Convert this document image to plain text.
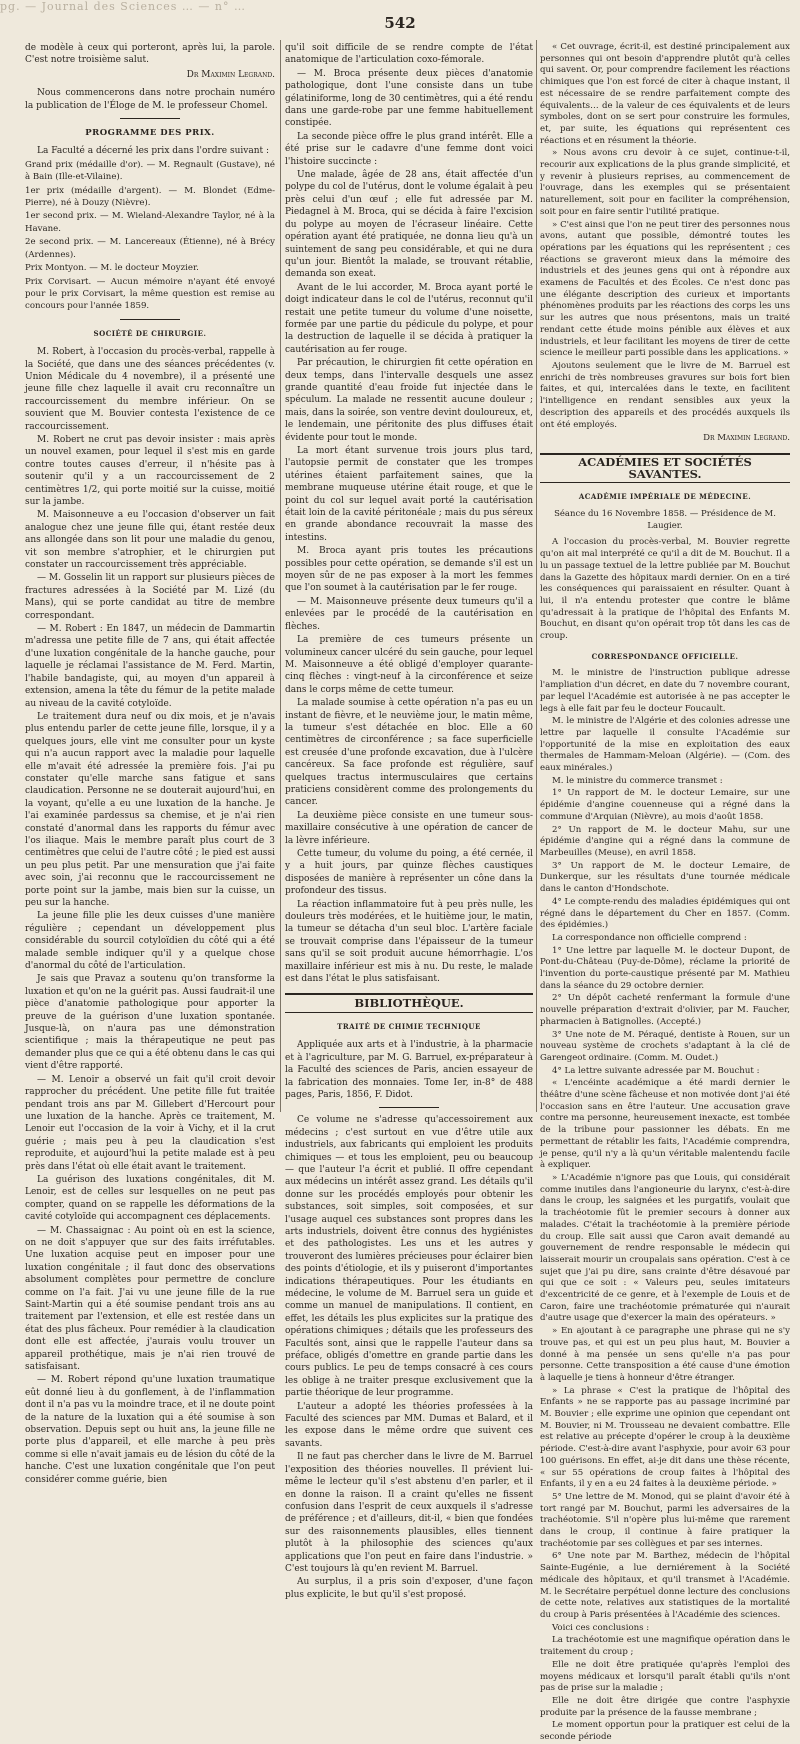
pg. — Journal des Sciences … — n° …
542

de modèle à ceux qui porteront, après lui, la parole. C'est notre troisième salut.

Dr Maximin Legrand.

Nous commencerons dans notre prochain numéro la publication de l'Éloge de M. le professeur Chomel.

PROGRAMME DES PRIX.

La Faculté a décerné les prix dans l'ordre suivant :

Grand prix (médaille d'or). — M. Regnault (Gustave), né à Bain (Ille-et-Vilaine).

1er prix (médaille d'argent). — M. Blondet (Edme-Pierre), né à Douzy (Nièvre).

1er second prix. — M. Wieland-Alexandre Taylor, né à la Havane.

2e second prix. — M. Lancereaux (Étienne), né à Brécy (Ardennes).

Prix Montyon. — M. le docteur Moyzier.

Prix Corvisart. — Aucun mémoire n'ayant été envoyé pour le prix Corvisart, la même question est remise au concours pour l'année 1859.

SOCIÉTÉ DE CHIRURGIE.

M. Robert, à l'occasion du procès-verbal, rappelle à la Société, que dans une des séances précédentes (v. Union Médicale du 4 novembre), il a présenté une jeune fille chez laquelle il avait cru reconnaître un raccourcissement du membre inférieur. On se souvient que M. Bouvier contesta l'existence de ce raccourcissement.

M. Robert ne crut pas devoir insister : mais après un nouvel examen, pour lequel il s'est mis en garde contre toutes causes d'erreur, il n'hésite pas à soutenir qu'il y a un raccourcissement de 2 centimètres 1/2, qui porte moitié sur la cuisse, moitié sur la jambe.

M. Maisonneuve a eu l'occasion d'observer un fait analogue chez une jeune fille qui, étant restée deux ans allongée dans son lit pour une maladie du genou, vit son membre s'atrophier, et le chirurgien put constater un raccourcissement très appréciable.

— M. Gosselin lit un rapport sur plusieurs pièces de fractures adressées à la Société par M. Lizé (du Mans), qui se porte candidat au titre de membre correspondant.

— M. Robert : En 1847, un médecin de Dammartin m'adressa une petite fille de 7 ans, qui était affectée d'une luxation congénitale de la hanche gauche, pour laquelle je réclamai l'assistance de M. Ferd. Martin, l'habile bandagiste, qui, au moyen d'un appareil à extension, amena la tête du fémur de la petite malade au niveau de la cavité cotyloïde.

Le traitement dura neuf ou dix mois, et je n'avais plus entendu parler de cette jeune fille, lorsque, il y a quelques jours, elle vint me consulter pour un kyste qui n'a aucun rapport avec la maladie pour laquelle elle m'avait été adressée la première fois. J'ai pu constater qu'elle marche sans fatigue et sans claudication. Personne ne se douterait aujourd'hui, en la voyant, qu'elle a eu une luxation de la hanche. Je l'ai examinée pardessus sa chemise, et je n'ai rien constaté d'anormal dans les rapports du fémur avec l'os iliaque. Mais le membre paraît plus court de 3 centimètres que celui de l'autre côté ; le pied est aussi un peu plus petit. Par une mensuration que j'ai faite avec soin, j'ai reconnu que le raccourcissement ne porte point sur la jambe, mais bien sur la cuisse, un peu sur la hanche.

La jeune fille plie les deux cuisses d'une manière régulière ; cependant un développement plus considérable du sourcil cotyloïdien du côté qui a été malade semble indiquer qu'il y a quelque chose d'anormal du côté de l'articulation.

Je sais que Pravaz a soutenu qu'on transforme la luxation et qu'on ne la guérit pas. Aussi faudrait-il une pièce d'anatomie pathologique pour apporter la preuve de la guérison d'une luxation spontanée. Jusque-là, on n'aura pas une démonstration scientifique ; mais la thérapeutique ne peut pas demander plus que ce qui a été obtenu dans le cas qui vient d'être rapporté.

— M. Lenoir a observé un fait qu'il croit devoir rapprocher du précédent. Une petite fille fut traitée pendant trois ans par M. Gillebert d'Hercourt pour une luxation de la hanche. Après ce traitement, M. Lenoir eut l'occasion de la voir à Vichy, et il la crut guérie ; mais peu à peu la claudication s'est reproduite, et aujourd'hui la petite malade est à peu près dans l'état où elle était avant le traitement.

La guérison des luxations congénitales, dit M. Lenoir, est de celles sur lesquelles on ne peut pas compter, quand on se rappelle les déformations de la cavité cotyloïde qui accompagnent ces déplacements.

— M. Chassaignac : Au point où en est la science, on ne doit s'appuyer que sur des faits irréfutables. Une luxation acquise peut en imposer pour une luxation congénitale ; il faut donc des observations absolument complètes pour permettre de conclure comme on l'a fait. J'ai vu une jeune fille de la rue Saint-Martin qui a été soumise pendant trois ans au traitement par l'extension, et elle est restée dans un état des plus fâcheux. Pour remédier à la claudication dont elle est affectée, j'aurais voulu trouver un appareil prothétique, mais je n'ai rien trouvé de satisfaisant.

— M. Robert répond qu'une luxation traumatique eût donné lieu à du gonflement, à de l'inflammation dont il n'a pas vu la moindre trace, et il ne doute point de la nature de la luxation qui a été soumise à son observation. Depuis sept ou huit ans, la jeune fille ne porte plus d'appareil, et elle marche à peu près comme si elle n'avait jamais eu de lésion du côté de la hanche. C'est une luxation congénitale que l'on peut considérer comme guérie, bien

qu'il soit difficile de se rendre compte de l'état anatomique de l'articulation coxo-fémorale.

— M. Broca présente deux pièces d'anatomie pathologique, dont l'une consiste dans un tube gélatiniforme, long de 30 centimètres, qui a été rendu dans une garde-robe par une femme habituellement constipée.

La seconde pièce offre le plus grand intérêt. Elle a été prise sur le cadavre d'une femme dont voici l'histoire succincte :

Une malade, âgée de 28 ans, était affectée d'un polype du col de l'utérus, dont le volume égalait à peu près celui d'un œuf ; elle fut adressée par M. Piedagnel à M. Broca, qui se décida à faire l'excision du polype au moyen de l'écraseur linéaire. Cette opération ayant été pratiquée, ne donna lieu qu'à un suintement de sang peu considérable, et qui ne dura qu'un jour. Bientôt la malade, se trouvant rétablie, demanda son exeat.

Avant de le lui accorder, M. Broca ayant porté le doigt indicateur dans le col de l'utérus, reconnut qu'il restait une petite tumeur du volume d'une noisette, formée par une partie du pédicule du polype, et pour la destruction de laquelle il se décida à pratiquer la cautérisation au fer rouge.

Par précaution, le chirurgien fit cette opération en deux temps, dans l'intervalle desquels une assez grande quantité d'eau froide fut injectée dans le spéculum. La malade ne ressentit aucune douleur ; mais, dans la soirée, son ventre devint douloureux, et, le lendemain, une péritonite des plus diffuses était évidente pour tout le monde.

La mort étant survenue trois jours plus tard, l'autopsie permit de constater que les trompes utérines étaient parfaitement saines, que la membrane muqueuse utérine était rouge, et que le point du col sur lequel avait porté la cautérisation était loin de la cavité péritonéale ; mais du pus séreux en grande abondance recouvrait la masse des intestins.

M. Broca ayant pris toutes les précautions possibles pour cette opération, se demande s'il est un moyen sûr de ne pas exposer à la mort les femmes que l'on soumet à la cautérisation par le fer rouge.

— M. Maisonneuve présente deux tumeurs qu'il a enlevées par le procédé de la cautérisation en flèches.

La première de ces tumeurs présente un volumineux cancer ulcéré du sein gauche, pour lequel M. Maisonneuve a été obligé d'employer quarante-cinq flèches : vingt-neuf à la circonférence et seize dans le corps même de cette tumeur.

La malade soumise à cette opération n'a pas eu un instant de fièvre, et le neuvième jour, le matin même, la tumeur s'est détachée en bloc. Elle a 60 centimètres de circonférence ; sa face superficielle est creusée d'une profonde excavation, due à l'ulcère cancéreux. Sa face profonde est régulière, sauf quelques tractus intermusculaires que certains praticiens considèrent comme des prolongements du cancer.

La deuxième pièce consiste en une tumeur sous-maxillaire consécutive à une opération de cancer de la lèvre inférieure.

Cette tumeur, du volume du poing, a été cernée, il y a huit jours, par quinze flèches caustiques disposées de manière à représenter un cône dans la profondeur des tissus.

La réaction inflammatoire fut à peu près nulle, les douleurs très modérées, et le huitième jour, le matin, la tumeur se détacha d'un seul bloc. L'artère faciale se trouvait comprise dans l'épaisseur de la tumeur sans qu'il se soit produit aucune hémorrhagie. L'os maxillaire inférieur est mis à nu. Du reste, le malade est dans l'état le plus satisfaisant.

BIBLIOTHÈQUE.
TRAITÉ DE CHIMIE TECHNIQUE

Appliquée aux arts et à l'industrie, à la pharmacie et à l'agriculture, par M. G. Barruel, ex-préparateur à la Faculté des sciences de Paris, ancien essayeur de la fabrication des monnaies. Tome Ier, in-8° de 488 pages, Paris, 1856, F. Didot.

Ce volume ne s'adresse qu'accessoirement aux médecins ; c'est surtout en vue d'être utile aux industriels, aux fabricants qui emploient les produits chimiques — et tous les emploient, peu ou beaucoup — que l'auteur l'a écrit et publié. Il offre cependant aux médecins un intérêt assez grand. Les détails qu'il donne sur les procédés employés pour obtenir les substances, soit simples, soit composées, et sur l'usage auquel ces substances sont propres dans les arts industriels, doivent être connus des hygiénistes et des pathologistes. Les uns et les autres y trouveront des lumières précieuses pour éclairer bien des points d'étiologie, et ils y puiseront d'importantes indications thérapeutiques. Pour les étudiants en médecine, le volume de M. Barruel sera un guide et comme un manuel de manipulations. Il contient, en effet, les détails les plus explicites sur la pratique des opérations chimiques ; détails que les professeurs des Facultés sont, ainsi que le rappelle l'auteur dans sa préface, obligés d'omettre en grande partie dans les cours publics. Le peu de temps consacré à ces cours les oblige à ne traiter presque exclusivement que la partie théorique de leur programme.

L'auteur a adopté les théories professées à la Faculté des sciences par MM. Dumas et Balard, et il les expose dans le même ordre que suivent ces savants.

Il ne faut pas chercher dans le livre de M. Barruel l'exposition des théories nouvelles. Il prévient lui-même le lecteur qu'il s'est abstenu d'en parler, et il en donne la raison. Il a craint qu'elles ne fissent confusion dans l'esprit de ceux auxquels il s'adresse de préférence ; et d'ailleurs, dit-il, « bien que fondées sur des raisonnements plausibles, elles tiennent plutôt à la philosophie des sciences qu'aux applications que l'on peut en faire dans l'industrie. » C'est toujours là qu'en revient M. Barruel.

Au surplus, il a pris soin d'exposer, d'une façon plus explicite, le but qu'il s'est proposé.

« Cet ouvrage, écrit-il, est destiné principalement aux personnes qui ont besoin d'apprendre plutôt qu'à celles qui savent. Or, pour comprendre facilement les réactions chimiques que l'on est forcé de citer à chaque instant, il est nécessaire de se rendre parfaitement compte des équivalents… de la valeur de ces équivalents et de leurs symboles, dont on se sert pour construire les formules, et, par suite, les équations qui représentent ces réactions et en résument la théorie.

» Nous avons cru devoir à ce sujet, continue-t-il, recourir aux explications de la plus grande simplicité, et y revenir à plusieurs reprises, au commencement de l'ouvrage, dans les exemples qui se présentaient naturellement, soit pour en faciliter la compréhension, soit pour en faire sentir l'utilité pratique.

» C'est ainsi que l'on ne peut tirer des personnes nous avons, autant que possible, démontré toutes les opérations par les équations qui les représentent ; ces réactions se graveront mieux dans la mémoire des industriels et des jeunes gens qui ont à répondre aux examens de Facultés et des Écoles. Ce n'est donc pas une élégante description des curieux et importants phénomènes produits par les réactions des corps les uns sur les autres que nous présentons, mais un traité rendant cette étude moins pénible aux élèves et aux industriels, et leur facilitant les moyens de tirer de cette science le meilleur parti possible dans les applications. »

Ajoutons seulement que le livre de M. Barruel est enrichi de très nombreuses gravures sur bois fort bien faites, et qui, intercalées dans le texte, en facilitent l'intelligence en rendant sensibles aux yeux la description des appareils et des procédés auxquels ils ont été employés.

Dr Maximin Legrand.
ACADÉMIES ET SOCIÉTÉS SAVANTES.
ACADÉMIE IMPÉRIALE DE MÉDECINE.
Séance du 16 Novembre 1858. — Présidence de M. Laugier.

A l'occasion du procès-verbal, M. Bouvier regrette qu'on ait mal interprété ce qu'il a dit de M. Bouchut. Il a lu un passage textuel de la lettre publiée par M. Bouchut dans la Gazette des hôpitaux mardi dernier. On en a tiré les conséquences qui paraissaient en résulter. Quant à lui, il n'a entendu protester que contre le blâme qu'adressait à la pratique de l'hôpital des Enfants M. Bouchut, en disant qu'on opérait trop tôt dans les cas de croup.

CORRESPONDANCE OFFICIELLE.

M. le ministre de l'instruction publique adresse l'ampliation d'un décret, en date du 7 novembre courant, par lequel l'Académie est autorisée à ne pas accepter le legs à elle fait par feu le docteur Foucault.

M. le ministre de l'Algérie et des colonies adresse une lettre par laquelle il consulte l'Académie sur l'opportunité de la mise en exploitation des eaux thermales de Hammam-Meloan (Algérie). — (Com. des eaux minérales.)

M. le ministre du commerce transmet :

1° Un rapport de M. le docteur Lemaire, sur une épidémie d'angine couenneuse qui a régné dans la commune d'Arquian (Nièvre), au mois d'août 1858.

2° Un rapport de M. le docteur Mahu, sur une épidémie d'angine qui a régné dans la commune de Marbeuilles (Meuse), en avril 1858.

3° Un rapport de M. le docteur Lemaire, de Dunkerque, sur les résultats d'une tournée médicale dans le canton d'Hondschote.

4° Le compte-rendu des maladies épidémiques qui ont régné dans le département du Cher en 1857. (Comm. des épidémies.)

La correspondance non officielle comprend :

1° Une lettre par laquelle M. le docteur Dupont, de Pont-du-Château (Puy-de-Dôme), réclame la priorité de l'invention du porte-caustique présenté par M. Mathieu dans la séance du 29 octobre dernier.

2° Un dépôt cacheté renfermant la formule d'une nouvelle préparation d'extrait d'olivier, par M. Faucher, pharmacien à Batignolles. (Accepté.)

3° Une note de M. Péraqué, dentiste à Rouen, sur un nouveau système de crochets s'adaptant à la clé de Garengeot ordinaire. (Comm. M. Oudet.)

4° La lettre suivante adressée par M. Bouchut :

« L'encéinte académique a été mardi dernier le théâtre d'une scène fâcheuse et non motivée dont j'ai été l'occasion sans en être l'auteur. Une accusation grave contre ma personne, heureusement inexacte, est tombée de la tribune pour passionner les débats. En me permettant de rétablir les faits, l'Académie comprendra, je pense, qu'il n'y a là qu'un véritable malentendu facile à expliquer.

» L'Académie n'ignore pas que Louis, qui considérait comme inutiles dans l'angioneurie du larynx, c'est-à-dire dans le croup, les saignées et les purgatifs, voulait que la trachéotomie fût le premier secours à donner aux malades. C'était la trachéotomie à la première période du croup. Elle sait aussi que Caron avait demandé au gouvernement de rendre responsable le médecin qui laisserait mourir un croupalais sans opération. C'est à ce sujet que j'ai pu dire, sans crainte d'être désavoué par qui que ce soit : « Valeurs peu, seules imitateurs d'excentricité de ce genre, et à l'exemple de Louis et de Caron, faire une trachéotomie prématurée qui n'aurait d'autre usage que d'exercer la main des opérateurs. »

» En ajoutant à ce paragraphe une phrase qui ne s'y trouve pas, et qui est un peu plus haut, M. Bouvier a donné à ma pensée un sens qu'elle n'a pas pour personne. Cette transposition a été cause d'une émotion à laquelle je tiens à honneur d'être étranger.

» La phrase « C'est la pratique de l'hôpital des Enfants » ne se rapporte pas au passage incriminé par M. Bouvier ; elle exprime une opinion que cependant ont M. Bouvier, ni M. Trousseau ne devaient combattre. Elle est relative au précepte d'opérer le croup à la deuxième période. C'est-à-dire avant l'asphyxie, pour avoir 63 pour 100 guérisons. En effet, ai-je dit dans une thèse récente, « sur 55 opérations de croup faites à l'hôpital des Enfants, il y en a eu 24 faites à la deuxième période. »

5° Une lettre de M. Monod, qui se plaint d'avoir été à tort rangé par M. Bouchut, parmi les adversaires de la trachéotomie. S'il n'opère plus lui-même que rarement dans le croup, il continue à faire pratiquer la trachéotomie par ses collègues et par ses internes.

6° Une note par M. Barthez, médecin de l'hôpital Sainte-Eugénie, a lue derniérement à la Société médicale des hôpitaux, et qu'il transmet à l'Académie. M. le Secrétaire perpétuel donne lecture des conclusions de cette note, relatives aux statistiques de la mortalité du croup à Paris présentées à l'Académie des sciences.

Voici ces conclusions :

La trachéotomie est une magnifique opération dans le traitement du croup ;

Elle ne doit être pratiquée qu'après l'emploi des moyens médicaux et lorsqu'il paraît établi qu'ils n'ont pas de prise sur la maladie ;

Elle ne doit être dirigée que contre l'asphyxie produite par la présence de la fausse membrane ;

Le moment opportun pour la pratiquer est celui de la seconde période
